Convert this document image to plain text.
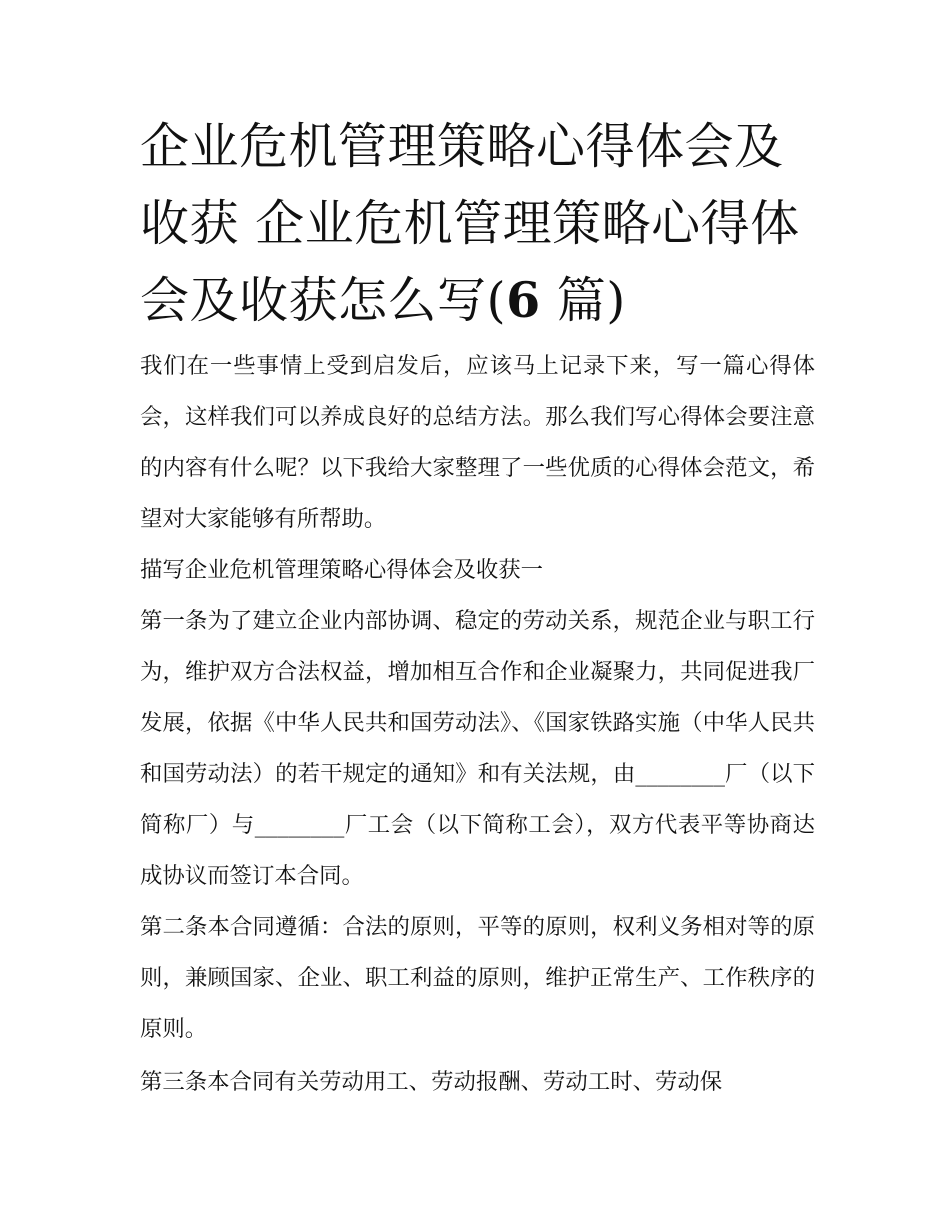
企业危机管理策略心得体会及收获 企业危机管理策略心得体会及收获怎么写(6 篇)

我们在一些事情上受到启发后，应该马上记录下来，写一篇心得体会，这样我们可以养成良好的总结方法。那么我们写心得体会要注意的内容有什么呢？以下我给大家整理了一些优质的心得体会范文，希望对大家能够有所帮助。

描写企业危机管理策略心得体会及收获一

第一条为了建立企业内部协调、稳定的劳动关系，规范企业与职工行为，维护双方合法权益，增加相互合作和企业凝聚力，共同促进我厂发展，依据《中华人民共和国劳动法》、《国家铁路实施（中华人民共和国劳动法）的若干规定的通知》和有关法规，由________厂（以下简称厂）与________厂工会（以下简称工会），双方代表平等协商达成协议而签订本合同。

第二条本合同遵循：合法的原则，平等的原则，权利义务相对等的原则，兼顾国家、企业、职工利益的原则，维护正常生产、工作秩序的原则。

第三条本合同有关劳动用工、劳动报酬、劳动工时、劳动保
